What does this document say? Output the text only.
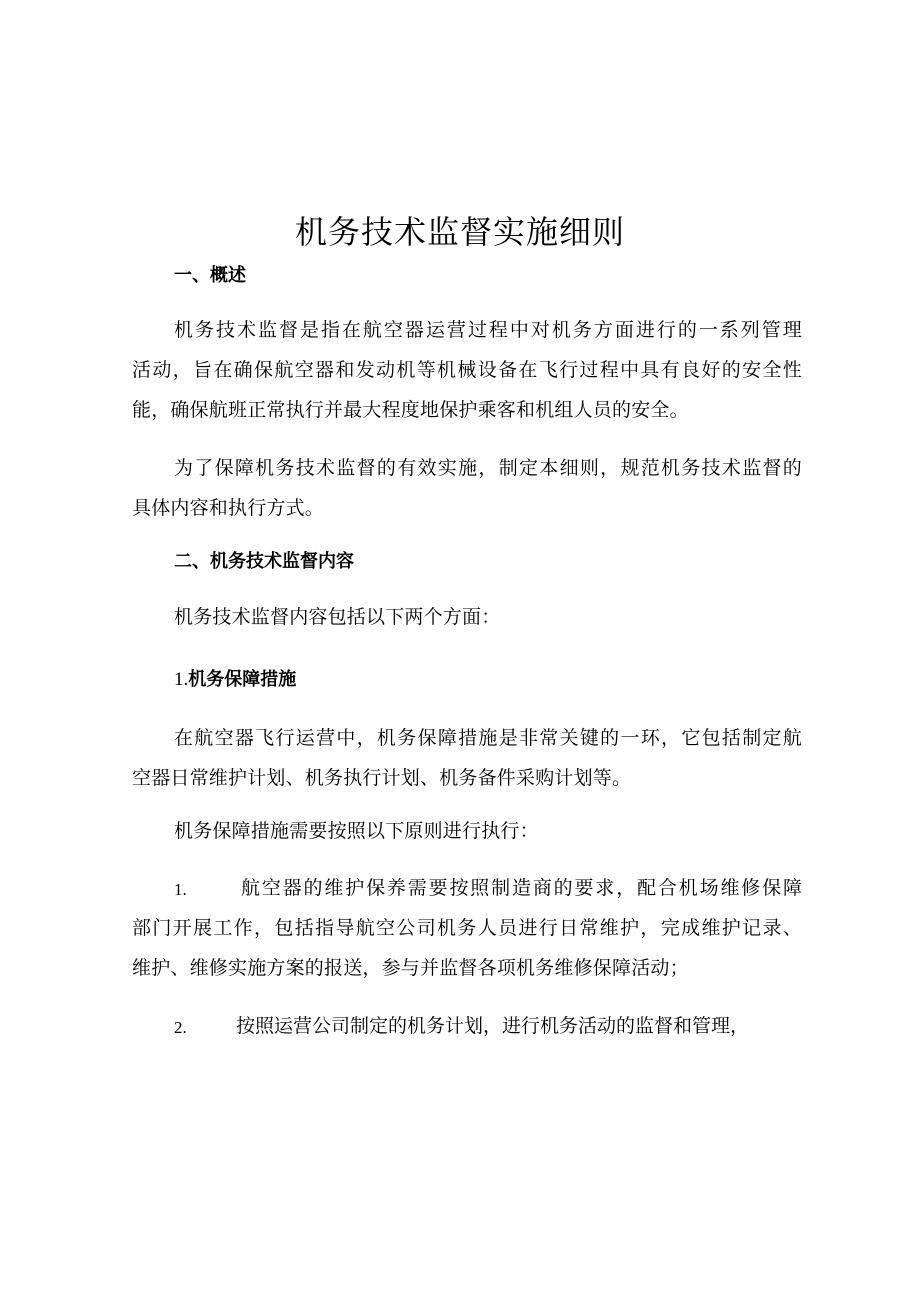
机务技术监督实施细则
一、概述
机务技术监督是指在航空器运营过程中对机务方面进行的一系列管理
活动，旨在确保航空器和发动机等机械设备在飞行过程中具有良好的安全性
能，确保航班正常执行并最大程度地保护乘客和机组人员的安全。
为了保障机务技术监督的有效实施，制定本细则，规范机务技术监督的
具体内容和执行方式。
二、机务技术监督内容
机务技术监督内容包括以下两个方面：
1.机务保障措施
在航空器飞行运营中，机务保障措施是非常关键的一环，它包括制定航
空器日常维护计划、机务执行计划、机务备件采购计划等。
机务保障措施需要按照以下原则进行执行：
1.	航空器的维护保养需要按照制造商的要求，配合机场维修保障
部门开展工作，包括指导航空公司机务人员进行日常维护，完成维护记录、
维护、维修实施方案的报送，参与并监督各项机务维修保障活动；
2.	按照运营公司制定的机务计划，进行机务活动的监督和管理，
